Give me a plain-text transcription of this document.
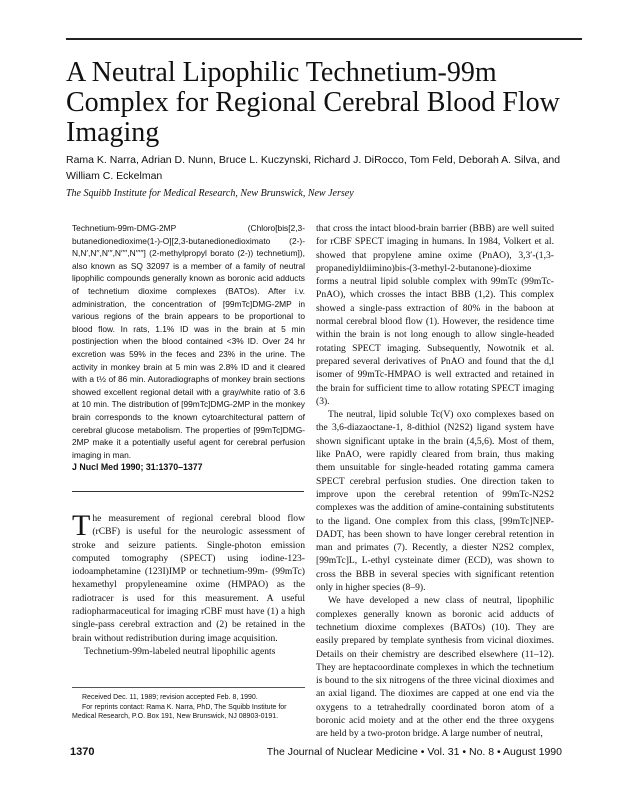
A Neutral Lipophilic Technetium-99m Complex for Regional Cerebral Blood Flow Imaging
Rama K. Narra, Adrian D. Nunn, Bruce L. Kuczynski, Richard J. DiRocco, Tom Feld, Deborah A. Silva, and William C. Eckelman
The Squibb Institute for Medical Research, New Brunswick, New Jersey
Technetium-99m-DMG-2MP (Chloro[bis[2,3-butanedionedioxime(1-)-O][2,3-butanedionedioximato (2-)-N,N′,N′′,N′′′,N′′′′,N′′′′′] (2-methylpropyl borato (2-)) technetium]), also known as SQ 32097 is a member of a family of neutral lipophilic compounds generally known as boronic acid adducts of technetium dioxime complexes (BATOs). After i.v. administration, the concentration of [99mTc]DMG-2MP in various regions of the brain appears to be proportional to blood flow. In rats, 1.1% ID was in the brain at 5 min postinjection when the blood contained <3% ID. Over 24 hr excretion was 59% in the feces and 23% in the urine. The activity in monkey brain at 5 min was 2.8% ID and it cleared with a t½ of 86 min. Autoradiographs of monkey brain sections showed excellent regional detail with a gray/white ratio of 3.6 at 10 min. The distribution of [99mTc]DMG-2MP in the monkey brain corresponds to the known cytoarchitectural pattern of cerebral glucose metabolism. The properties of [99mTc]DMG-2MP make it a potentially useful agent for cerebral perfusion imaging in man.
J Nucl Med 1990; 31:1370–1377

The measurement of regional cerebral blood flow (rCBF) is useful for the neurologic assessment of stroke and seizure patients. Single-photon emission computed tomography (SPECT) using iodine-123-iodoamphetamine (123I)IMP or technetium-99m- (99mTc) hexamethyl propyleneamine oxime (HMPAO) as the radiotracer is used for this measurement. A useful radiopharmaceutical for imaging rCBF must have (1) a high single-pass cerebral extraction and (2) be retained in the brain without redistribution during image acquisition.

Technetium-99m-labeled neutral lipophilic agents

that cross the intact blood-brain barrier (BBB) are well suited for rCBF SPECT imaging in humans. In 1984, Volkert et al. showed that propylene amine oxime (PnAO), 3,3′-(1,3-propanediyldiimino)bis-(3-methyl-2-butanone)-dioxime forms a neutral lipid soluble complex with 99mTc (99mTc-PnAO), which crosses the intact BBB (1,2). This complex showed a single-pass extraction of 80% in the baboon at normal cerebral blood flow (1). However, the residence time within the brain is not long enough to allow single-headed rotating SPECT imaging. Subsequently, Nowotnik et al. prepared several derivatives of PnAO and found that the d,l isomer of 99mTc-HMPAO is well extracted and retained in the brain for sufficient time to allow rotating SPECT imaging (3).

The neutral, lipid soluble Tc(V) oxo complexes based on the 3,6-diazaoctane-1, 8-dithiol (N2S2) ligand system have shown significant uptake in the brain (4,5,6). Most of them, like PnAO, were rapidly cleared from brain, thus making them unsuitable for single-headed rotating gamma camera SPECT cerebral perfusion studies. One direction taken to improve upon the cerebral retention of 99mTc-N2S2 complexes was the addition of amine-containing substitutents to the ligand. One complex from this class, [99mTc]NEP-DADT, has been shown to have longer cerebral retention in man and primates (7). Recently, a diester N2S2 complex, [99mTc]L, L-ethyl cysteinate dimer (ECD), was shown to cross the BBB in several species with significant retention only in higher species (8–9).

We have developed a new class of neutral, lipophilic complexes generally known as boronic acid adducts of technetium dioxime complexes (BATOs) (10). They are easily prepared by template synthesis from vicinal dioximes. Details on their chemistry are described elsewhere (11–12). They are heptacoordinate complexes in which the technetium is bound to the six nitrogens of the three vicinal dioximes and an axial ligand. The dioximes are capped at one end via the oxygens to a tetrahedrally coordinated boron atom of a boronic acid moiety and at the other end the three oxygens are held by a two-proton bridge. A large number of neutral,

Received Dec. 11, 1989; revision accepted Feb. 8, 1990.
For reprints contact: Rama K. Narra, PhD, The Squibb Institute for Medical Research, P.O. Box 191, New Brunswick, NJ 08903-0191.
1370	The Journal of Nuclear Medicine • Vol. 31 • No. 8 • August 1990
